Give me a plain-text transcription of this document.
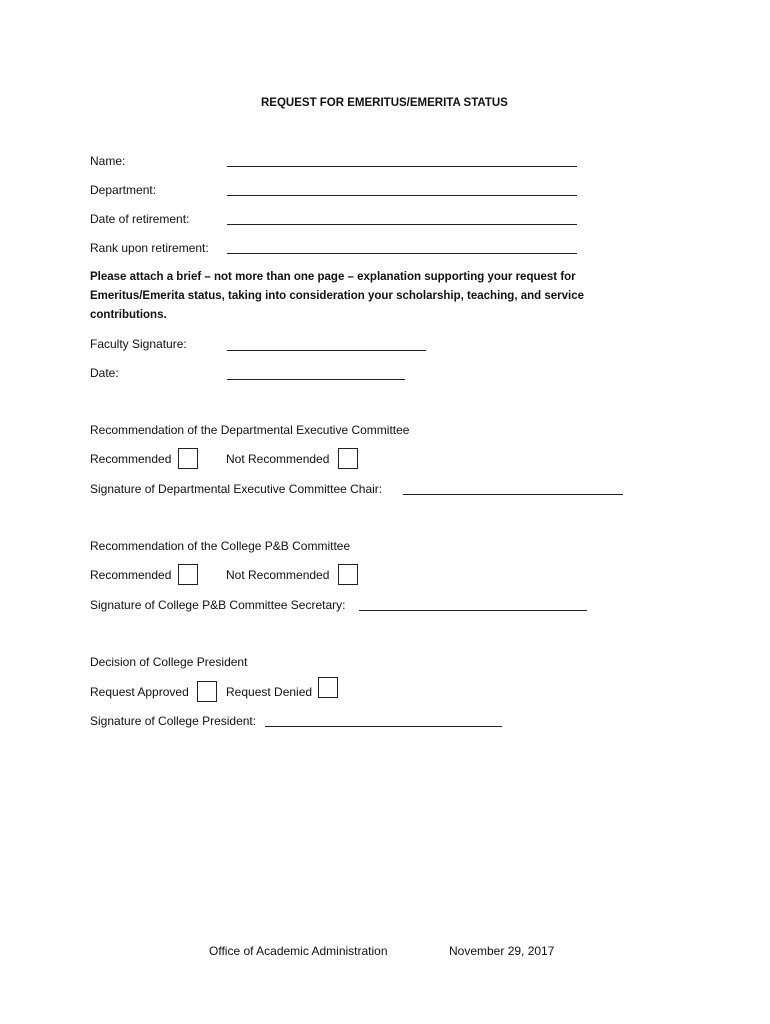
REQUEST FOR EMERITUS/EMERITA STATUS
Name:
Department:
Date of retirement:
Rank upon retirement:
Please attach a brief – not more than one page – explanation supporting your request for Emeritus/Emerita status, taking into consideration your scholarship, teaching, and service contributions.
Faculty Signature:
Date:
Recommendation of the Departmental Executive Committee
Recommended	Not Recommended
Signature of Departmental Executive Committee Chair:
Recommendation of the College P&B Committee
Recommended	Not Recommended
Signature of College P&B Committee Secretary:
Decision of College President
Request Approved	Request Denied
Signature of College President:
Office of Academic Administration	November 29, 2017
